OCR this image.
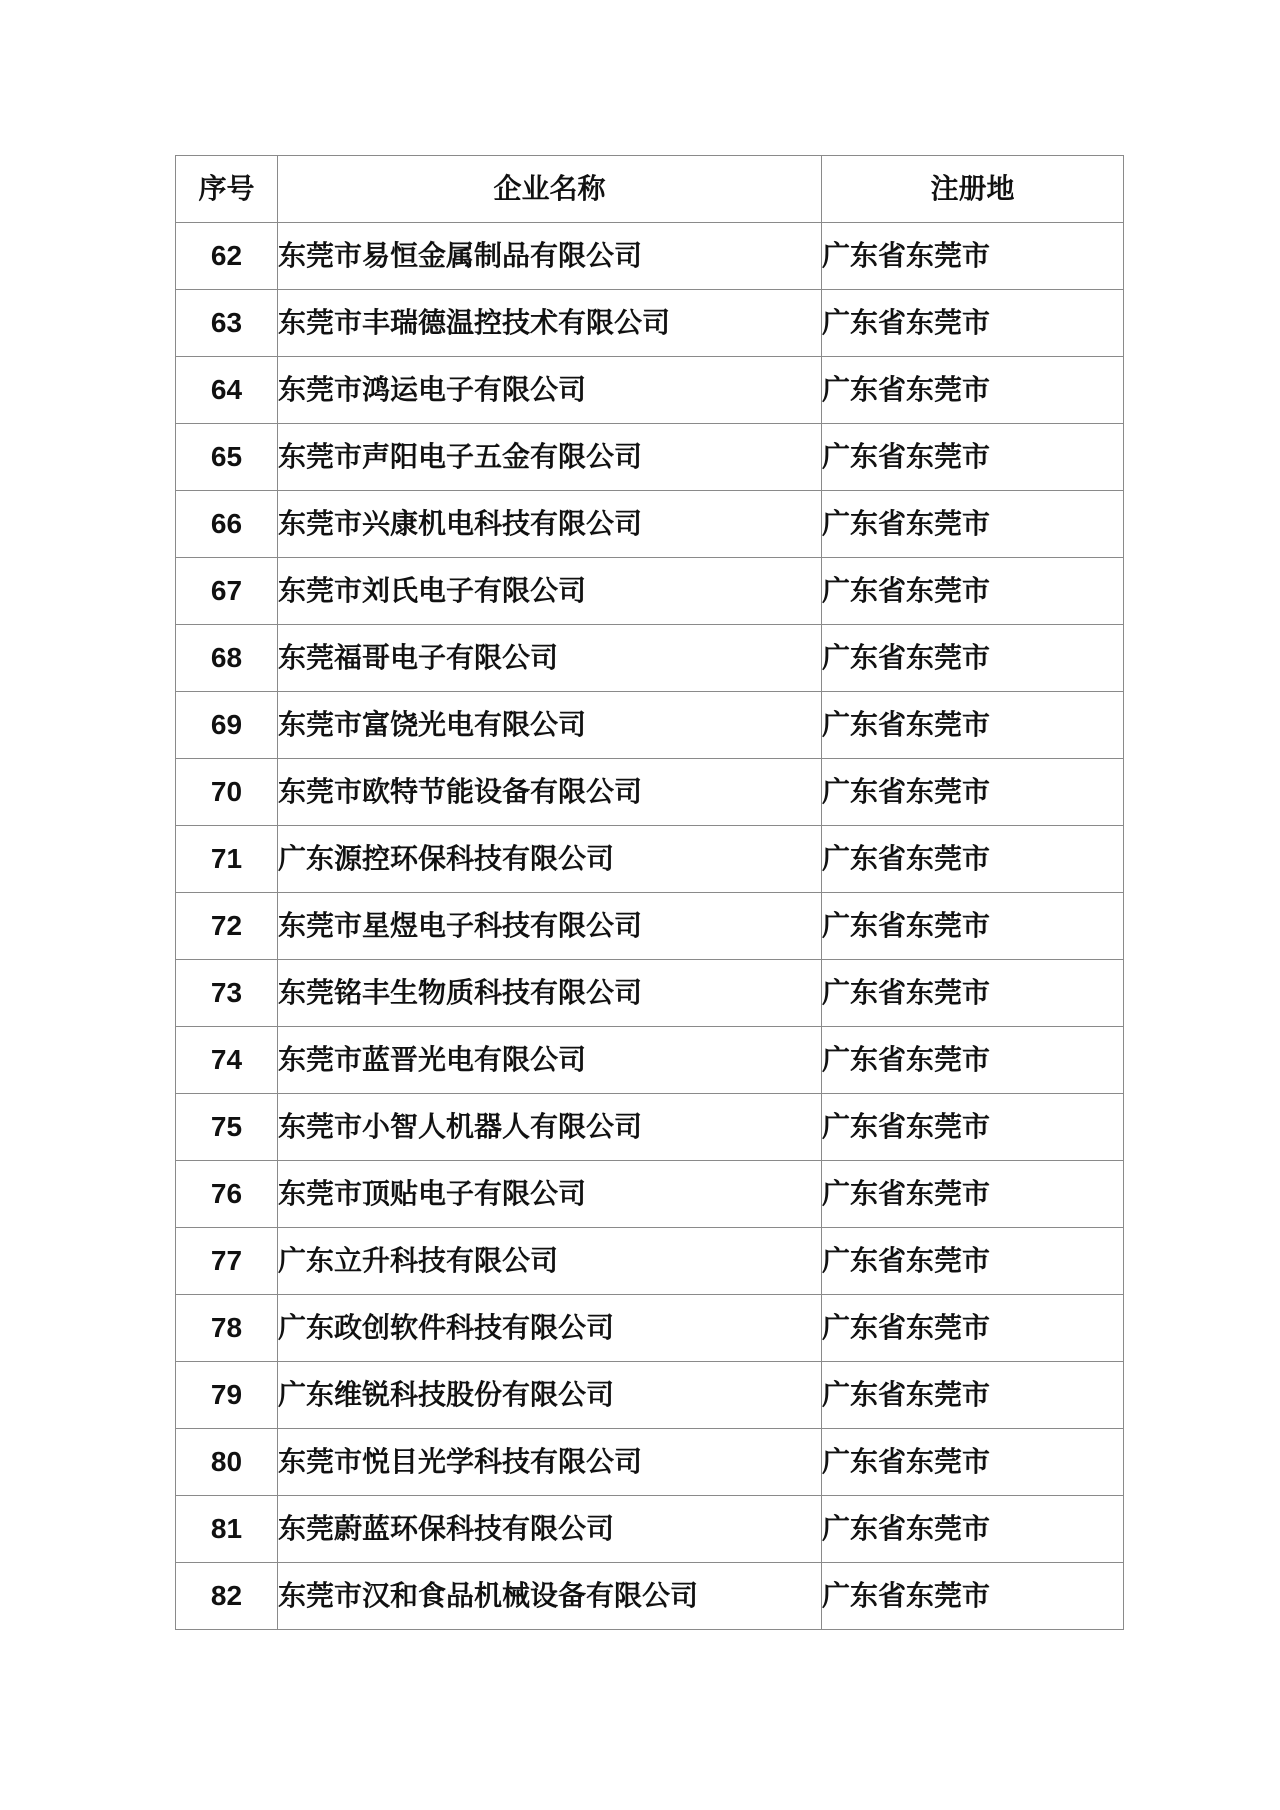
序号	企业名称	注册地
62	东莞市易恒金属制品有限公司	广东省东莞市
63	东莞市丰瑞德温控技术有限公司	广东省东莞市
64	东莞市鸿运电子有限公司	广东省东莞市
65	东莞市声阳电子五金有限公司	广东省东莞市
66	东莞市兴康机电科技有限公司	广东省东莞市
67	东莞市刘氏电子有限公司	广东省东莞市
68	东莞福哥电子有限公司	广东省东莞市
69	东莞市富饶光电有限公司	广东省东莞市
70	东莞市欧特节能设备有限公司	广东省东莞市
71	广东源控环保科技有限公司	广东省东莞市
72	东莞市星煜电子科技有限公司	广东省东莞市
73	东莞铭丰生物质科技有限公司	广东省东莞市
74	东莞市蓝晋光电有限公司	广东省东莞市
75	东莞市小智人机器人有限公司	广东省东莞市
76	东莞市顶贴电子有限公司	广东省东莞市
77	广东立升科技有限公司	广东省东莞市
78	广东政创软件科技有限公司	广东省东莞市
79	广东维锐科技股份有限公司	广东省东莞市
80	东莞市悦目光学科技有限公司	广东省东莞市
81	东莞蔚蓝环保科技有限公司	广东省东莞市
82	东莞市汉和食品机械设备有限公司	广东省东莞市
